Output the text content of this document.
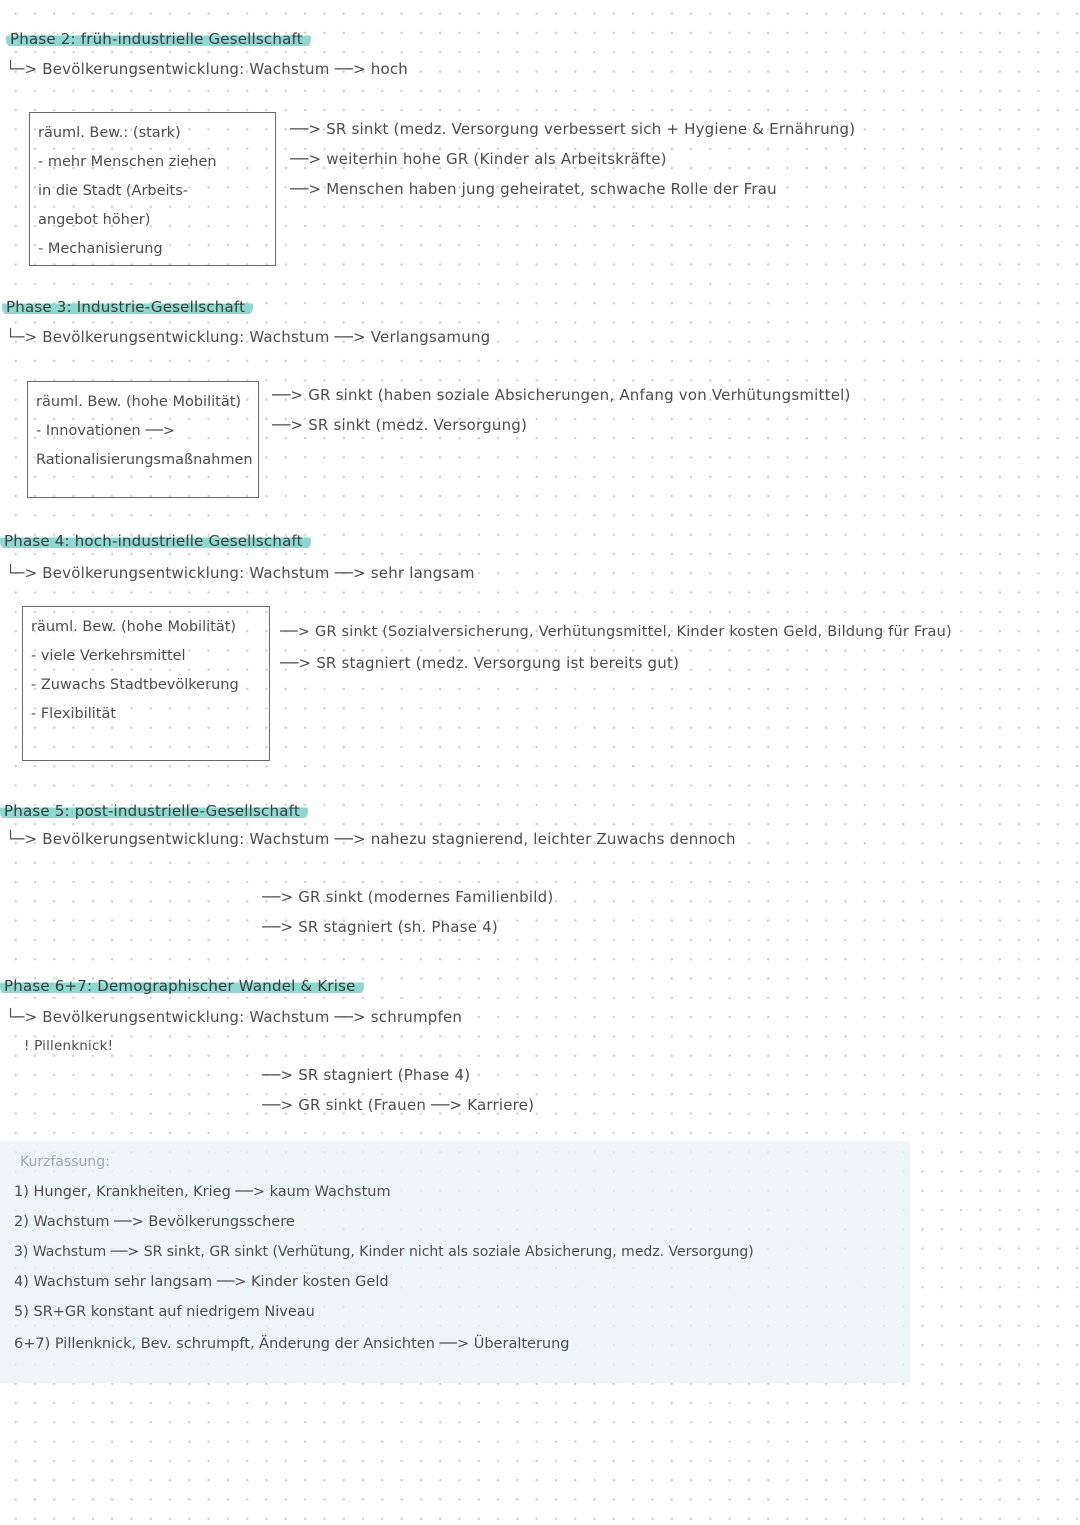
Phase 2: früh-industrielle Gesellschaft
└─> Bevölkerungsentwicklung: Wachstum ──> hoch
räuml. Bew.: (stark)
- mehr Menschen ziehen
in die Stadt (Arbeits-
angebot höher)
- Mechanisierung
──> SR sinkt (medz. Versorgung verbessert sich + Hygiene & Ernährung)
──> weiterhin hohe GR (Kinder als Arbeitskräfte)
──> Menschen haben jung geheiratet, schwache Rolle der Frau
Phase 3: Industrie-Gesellschaft
└─> Bevölkerungsentwicklung: Wachstum ──> Verlangsamung
räuml. Bew. (hohe Mobilität)
- Innovationen ──>
Rationalisierungsmaßnahmen
──> GR sinkt (haben soziale Absicherungen, Anfang von Verhütungsmittel)
──> SR sinkt (medz. Versorgung)
Phase 4: hoch-industrielle Gesellschaft
└─> Bevölkerungsentwicklung: Wachstum ──> sehr langsam
räuml. Bew. (hohe Mobilität)
- viele Verkehrsmittel
- Zuwachs Stadtbevölkerung
- Flexibilität
──> GR sinkt (Sozialversicherung, Verhütungsmittel, Kinder kosten Geld, Bildung für Frau)
──> SR stagniert (medz. Versorgung ist bereits gut)
Phase 5: post-industrielle-Gesellschaft
└─> Bevölkerungsentwicklung: Wachstum ──> nahezu stagnierend, leichter Zuwachs dennoch
──> GR sinkt (modernes Familienbild)
──> SR stagniert (sh. Phase 4)
Phase 6+7: Demographischer Wandel & Krise
└─> Bevölkerungsentwicklung: Wachstum ──> schrumpfen
! Pillenknick!
──> SR stagniert (Phase 4)
──> GR sinkt (Frauen ──> Karriere)
Kurzfassung:
1) Hunger, Krankheiten, Krieg ──> kaum Wachstum
2) Wachstum ──> Bevölkerungsschere
3) Wachstum ──> SR sinkt, GR sinkt (Verhütung, Kinder nicht als soziale Absicherung, medz. Versorgung)
4) Wachstum sehr langsam ──> Kinder kosten Geld
5) SR+GR konstant auf niedrigem Niveau
6+7) Pillenknick, Bev. schrumpft, Änderung der Ansichten ──> Überalterung
